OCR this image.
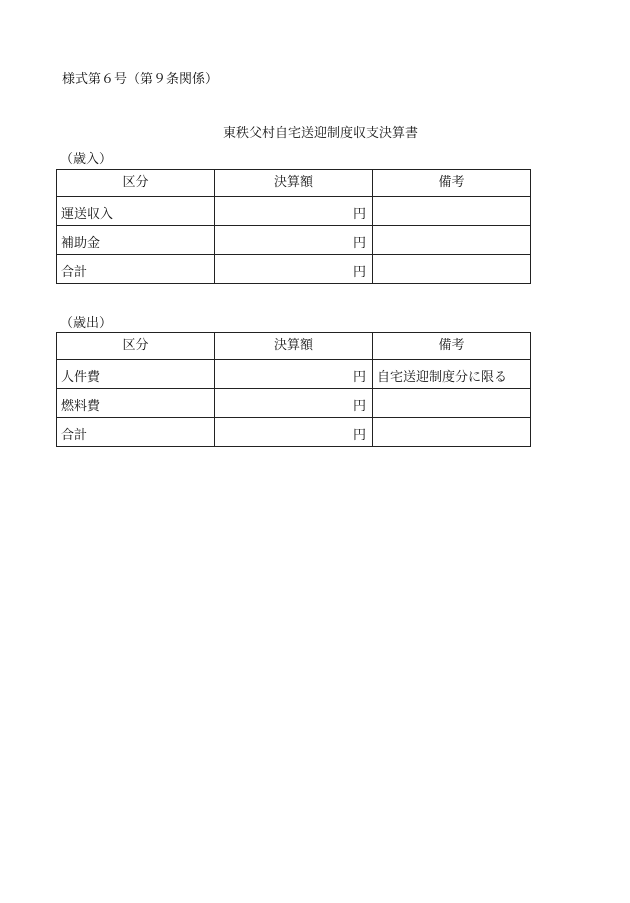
様式第６号（第９条関係）
東秩父村自宅送迎制度収支決算書
（歳入）
区分	決算額	備考
運送収入	円	
補助金	円	
合計	円	
（歳出）
区分	決算額	備考
人件費	円	自宅送迎制度分に限る
燃料費	円	
合計	円	
